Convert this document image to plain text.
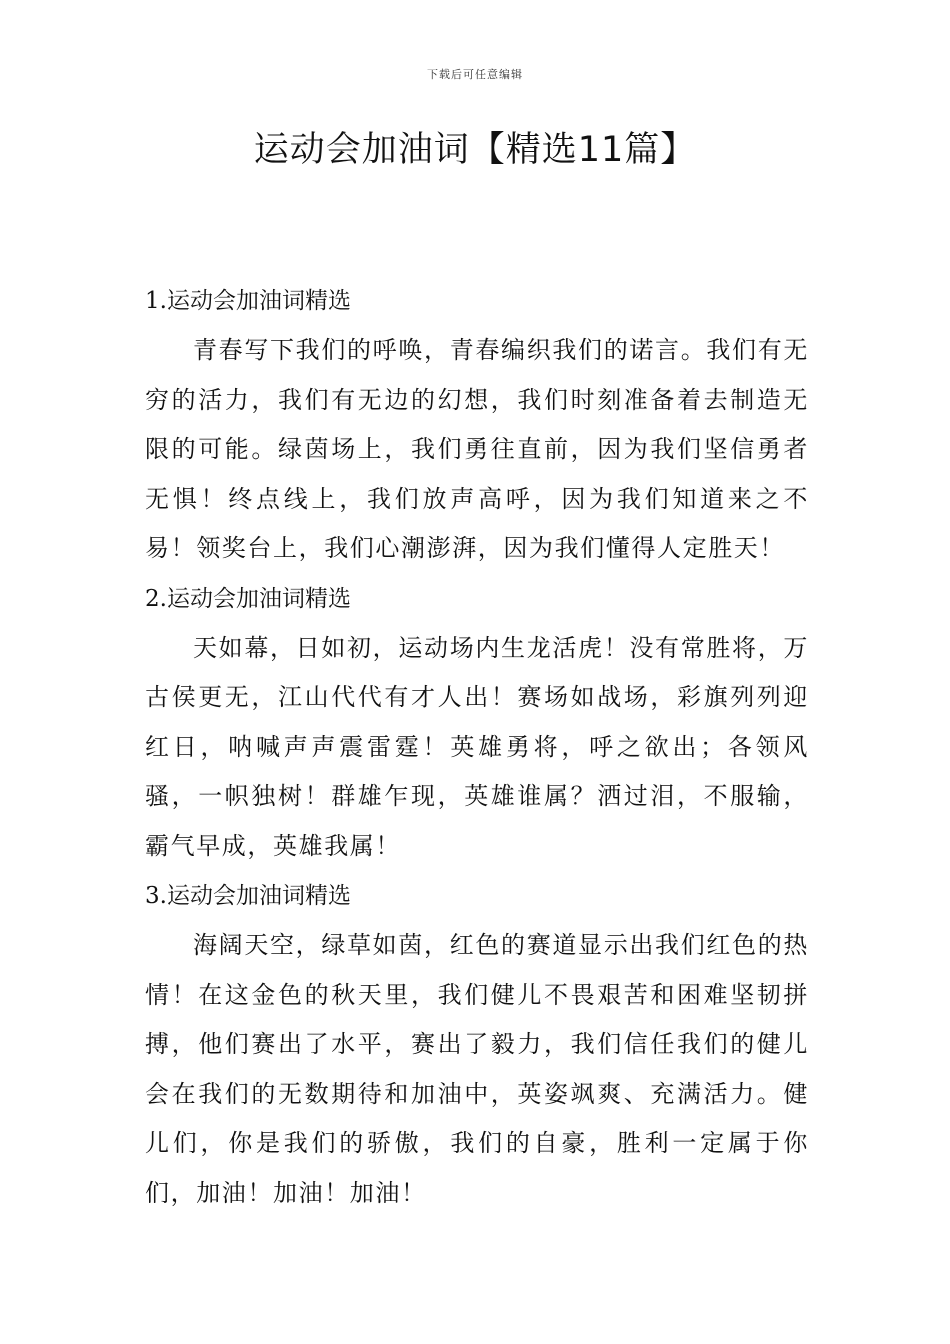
下载后可任意编辑
运动会加油词【精选11篇】
1.运动会加油词精选

青春写下我们的呼唤，青春编织我们的诺言。我们有无穷的活力，我们有无边的幻想，我们时刻准备着去制造无限的可能。绿茵场上，我们勇往直前，因为我们坚信勇者无惧！终点线上，我们放声高呼，因为我们知道来之不易！领奖台上，我们心潮澎湃，因为我们懂得人定胜天！

2.运动会加油词精选

天如幕，日如初，运动场内生龙活虎！没有常胜将，万古侯更无，江山代代有才人出！赛场如战场，彩旗列列迎红日，呐喊声声震雷霆！英雄勇将，呼之欲出；各领风骚，一帜独树！群雄乍现，英雄谁属？洒过泪，不服输，霸气早成，英雄我属！

3.运动会加油词精选

海阔天空，绿草如茵，红色的赛道显示出我们红色的热情！在这金色的秋天里，我们健儿不畏艰苦和困难坚韧拼搏，他们赛出了水平，赛出了毅力，我们信任我们的健儿会在我们的无数期待和加油中，英姿飒爽、充满活力。健儿们，你是我们的骄傲，我们的自豪，胜利一定属于你们，加油！加油！加油！
